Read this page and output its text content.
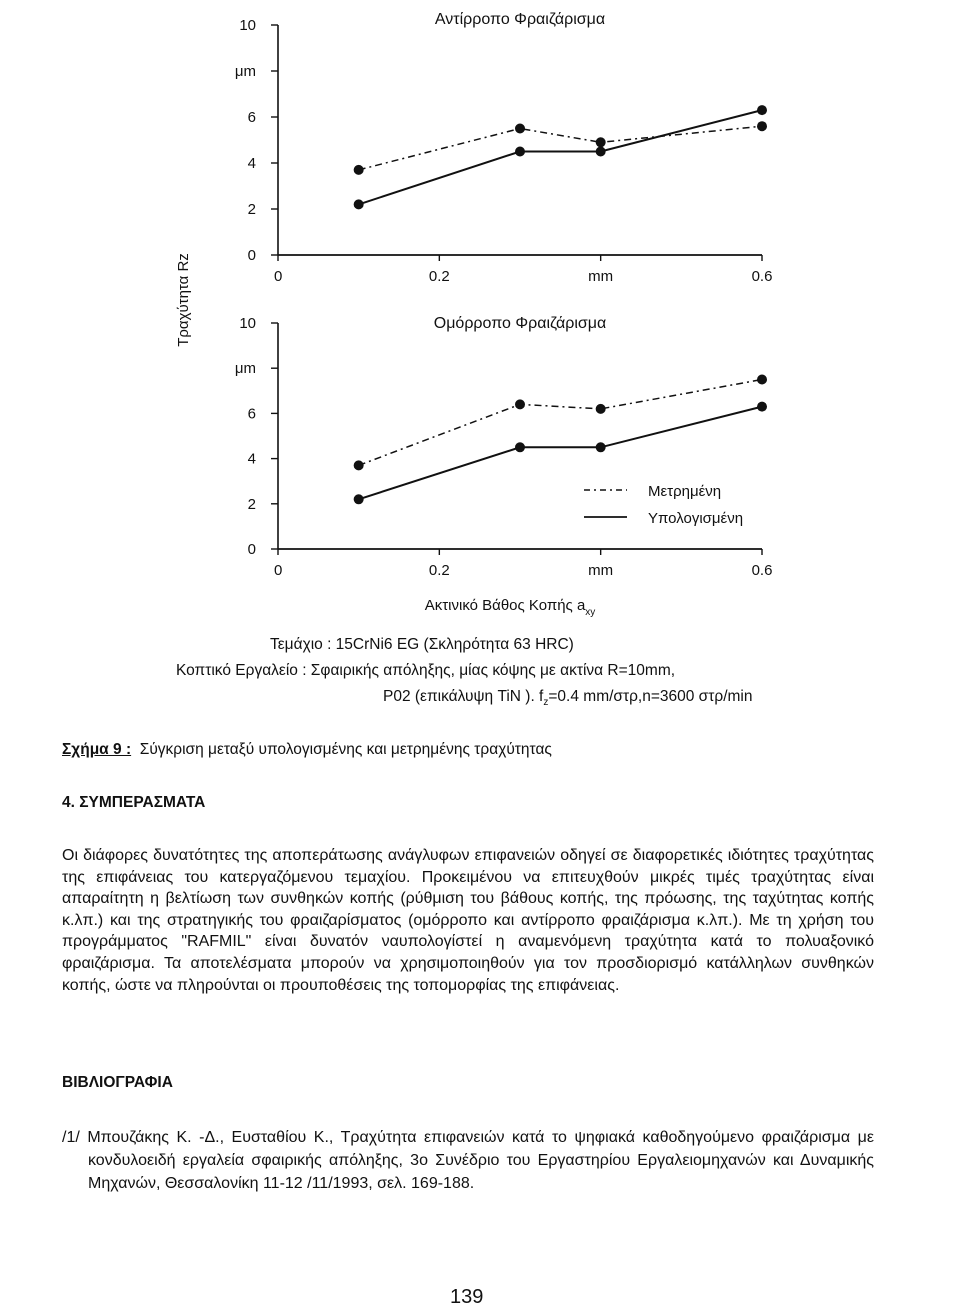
10
μm
6
4
2
0
0	0.2	mm	0.6
Αντίρροπο Φραιζάρισμα
10
μm
6
4
2
0
0	0.2	mm	0.6
Ομόρροπο Φραιζάρισμα
Τραχύτητα Rz
Μετρημένη
Υπολογισμένη
Ακτινικό Βάθος Κοπής $a_{xy}$
Τεμάχιο : 15CrNi6 EG (Σκληρότητα 63 HRC)
Κοπτικό Εργαλείο : Σφαιρικής απόληξης, μίας κόψης με ακτίνα R=10mm,
P02 (επικάλυψη TiN ). $f_z=0.4$ mm/στρ,n=3600 στρ/min
Σχήμα 9 : Σύγκριση μεταξύ υπολογισμένης και μετρημένης τραχύτητας
4. ΣΥΜΠΕΡΑΣΜΑΤΑ

Οι διάφορες δυνατότητες της αποπεράτωσης ανάγλυφων επιφανειών οδηγεί σε διαφορετικές ιδιότητες τραχύτητας της επιφάνειας του κατεργαζόμενου τεμαχίου. Προκειμένου να επιτευχθούν μικρές τιμές τραχύτητας είναι απαραίτητη η βελτίωση των συνθηκών κοπής (ρύθμιση του βάθους κοπής, της πρόωσης, της ταχύτητας κοπής κ.λπ.) και της στρατηγικής του φραιζαρίσματος (ομόρροπο και αντίρροπο φραιζάρισμα κ.λπ.). Με τη χρήση του προγράμματος "RAFMIL" είναι δυνατόν ναυπολογίστεί η αναμενόμενη τραχύτητα κατά το πολυαξονικό φραιζάρισμα. Τα αποτελέσματα μπορούν να χρησιμοποιηθούν για τον προσδιορισμό κατάλληλων συνθηκών κοπής, ώστε να πληρούνται οι προυποθέσεις της τοπομορφίας της επιφάνειας.

ΒΙΒΛΙΟΓΡΑΦΙΑ

/1/ Μπουζάκης Κ. -Δ., Ευσταθίου Κ., Τραχύτητα επιφανειών κατά το ψηφιακά καθοδηγούμενο φραιζάρισμα με κονδυλοειδή εργαλεία σφαιρικής απόληξης, 3ο Συνέδριο του Εργαστηρίου Εργαλειομηχανών και Δυναμικής Μηχανών, Θεσσαλονίκη 11-12 /11/1993, σελ. 169-188.

139
